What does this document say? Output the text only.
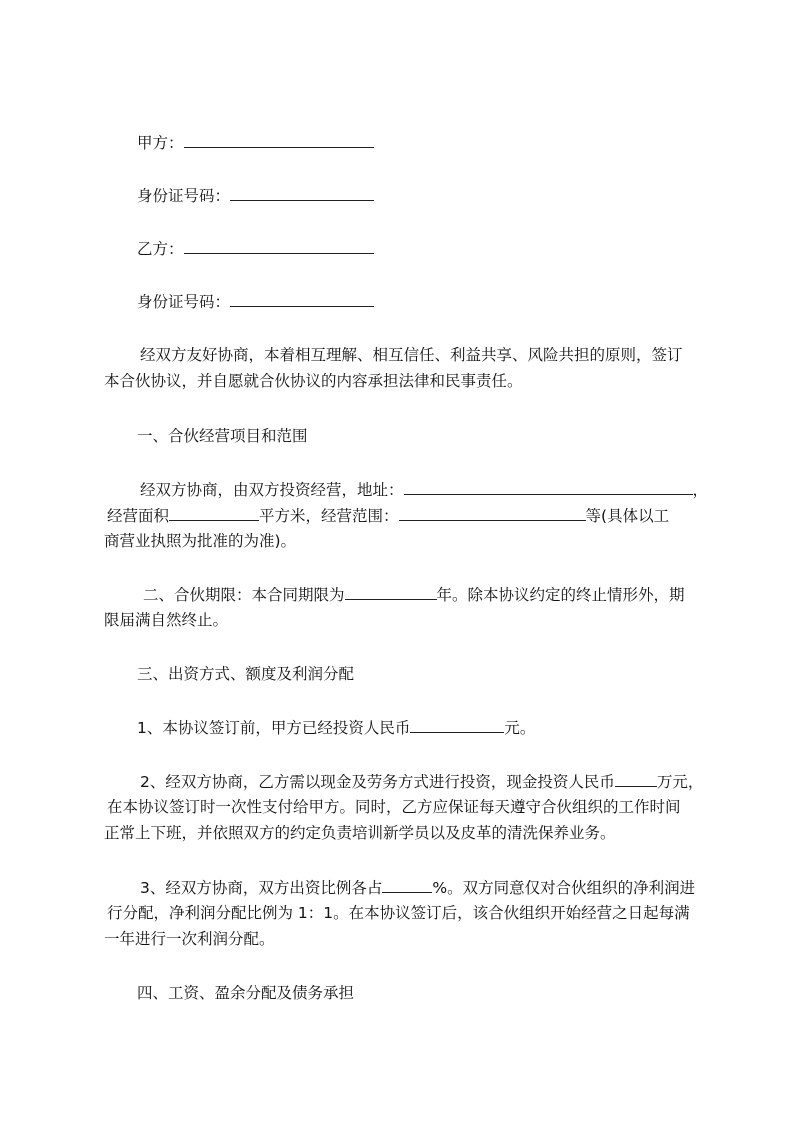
甲方：
身份证号码：
乙方：
身份证号码：
经双方友好协商，本着相互理解、相互信任、利益共享、风险共担的原则，签订
本合伙协议，并自愿就合伙协议的内容承担法律和民事责任。
一、合伙经营项目和范围
经双方协商，由双方投资经营，地址：	，
经营面积	平方米，经营范围：	等(具体以工
商营业执照为批准的为准)。
二、合伙期限：本合同期限为	年。除本协议约定的终止情形外，期
限届满自然终止。
三、出资方式、额度及利润分配
1、本协议签订前，甲方已经投资人民币	元。
2、经双方协商，乙方需以现金及劳务方式进行投资，现金投资人民币	万元，
在本协议签订时一次性支付给甲方。同时，乙方应保证每天遵守合伙组织的工作时间
正常上下班，并依照双方的约定负责培训新学员以及皮革的清洗保养业务。
3、经双方协商，双方出资比例各占	%。双方同意仅对合伙组织的净利润进
行分配，净利润分配比例为 1：1。在本协议签订后，该合伙组织开始经营之日起每满
一年进行一次利润分配。
四、工资、盈余分配及债务承担
